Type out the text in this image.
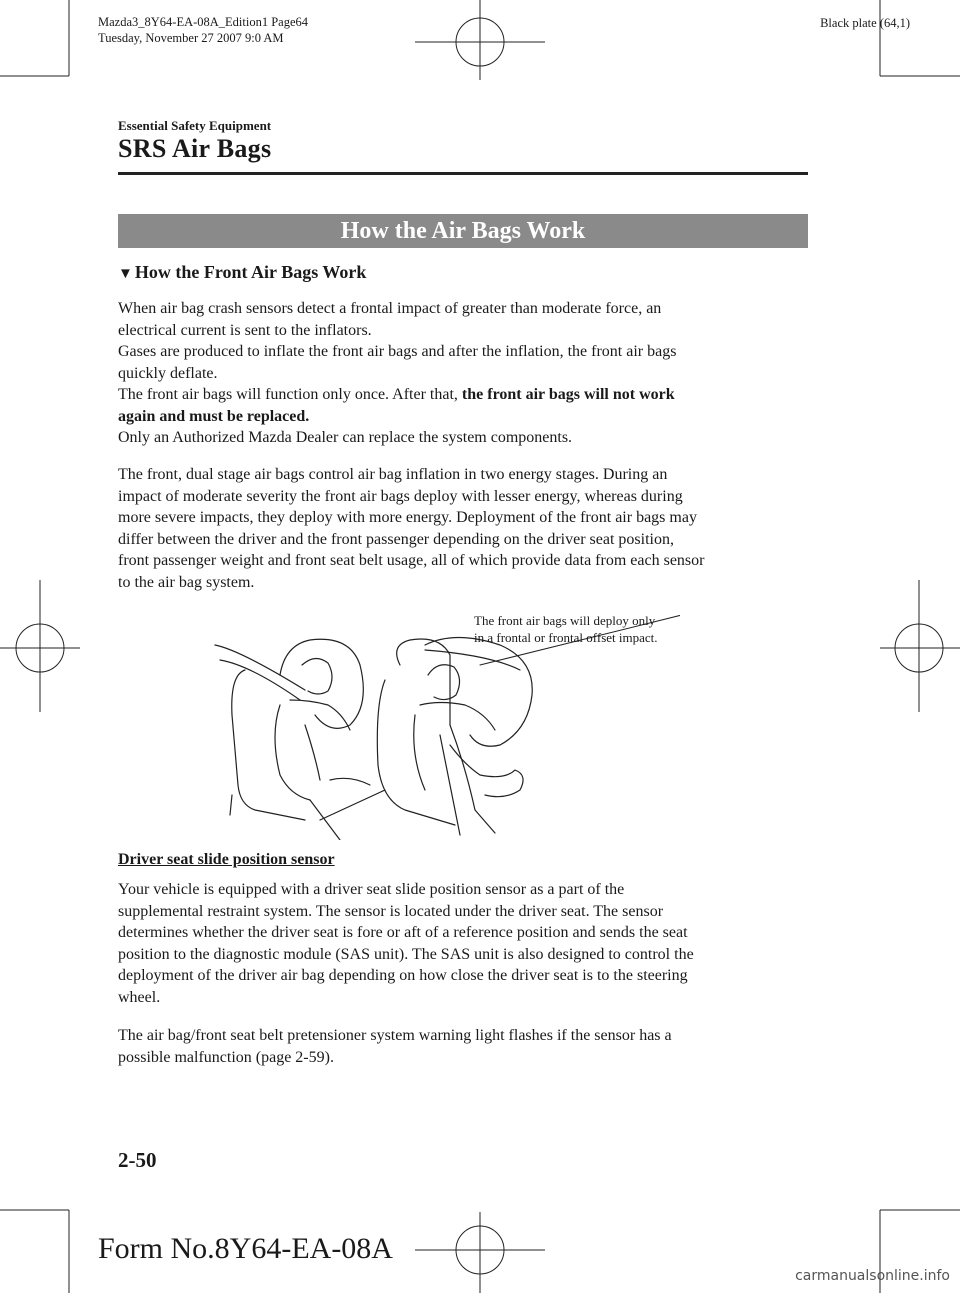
Mazda3_8Y64-EA-08A_Edition1 Page64
Tuesday, November 27 2007 9:0 AM
Black plate (64,1)
Essential Safety Equipment
SRS Air Bags
How the Air Bags Work
▼ How the Front Air Bags Work

When air bag crash sensors detect a frontal impact of greater than moderate force, an

electrical current is sent to the inflators.

Gases are produced to inflate the front air bags and after the inflation, the front air bags

quickly deflate.

The front air bags will function only once. After that, the front air bags will not work

again and must be replaced.

Only an Authorized Mazda Dealer can replace the system components.

The front, dual stage air bags control air bag inflation in two energy stages. During an

impact of moderate severity the front air bags deploy with lesser energy, whereas during

more severe impacts, they deploy with more energy. Deployment of the front air bags may

differ between the driver and the front passenger depending on the driver seat position,

front passenger weight and front seat belt usage, all of which provide data from each sensor

to the air bag system.

The front air bags will deploy only
in a frontal or frontal offset impact.
Driver seat slide position sensor

Your vehicle is equipped with a driver seat slide position sensor as a part of the

supplemental restraint system. The sensor is located under the driver seat. The sensor

determines whether the driver seat is fore or aft of a reference position and sends the seat

position to the diagnostic module (SAS unit). The SAS unit is also designed to control the

deployment of the driver air bag depending on how close the driver seat is to the steering

wheel.

The air bag/front seat belt pretensioner system warning light flashes if the sensor has a

possible malfunction (page 2-59).

2-50
Form No.8Y64-EA-08A
carmanualsonline.info
